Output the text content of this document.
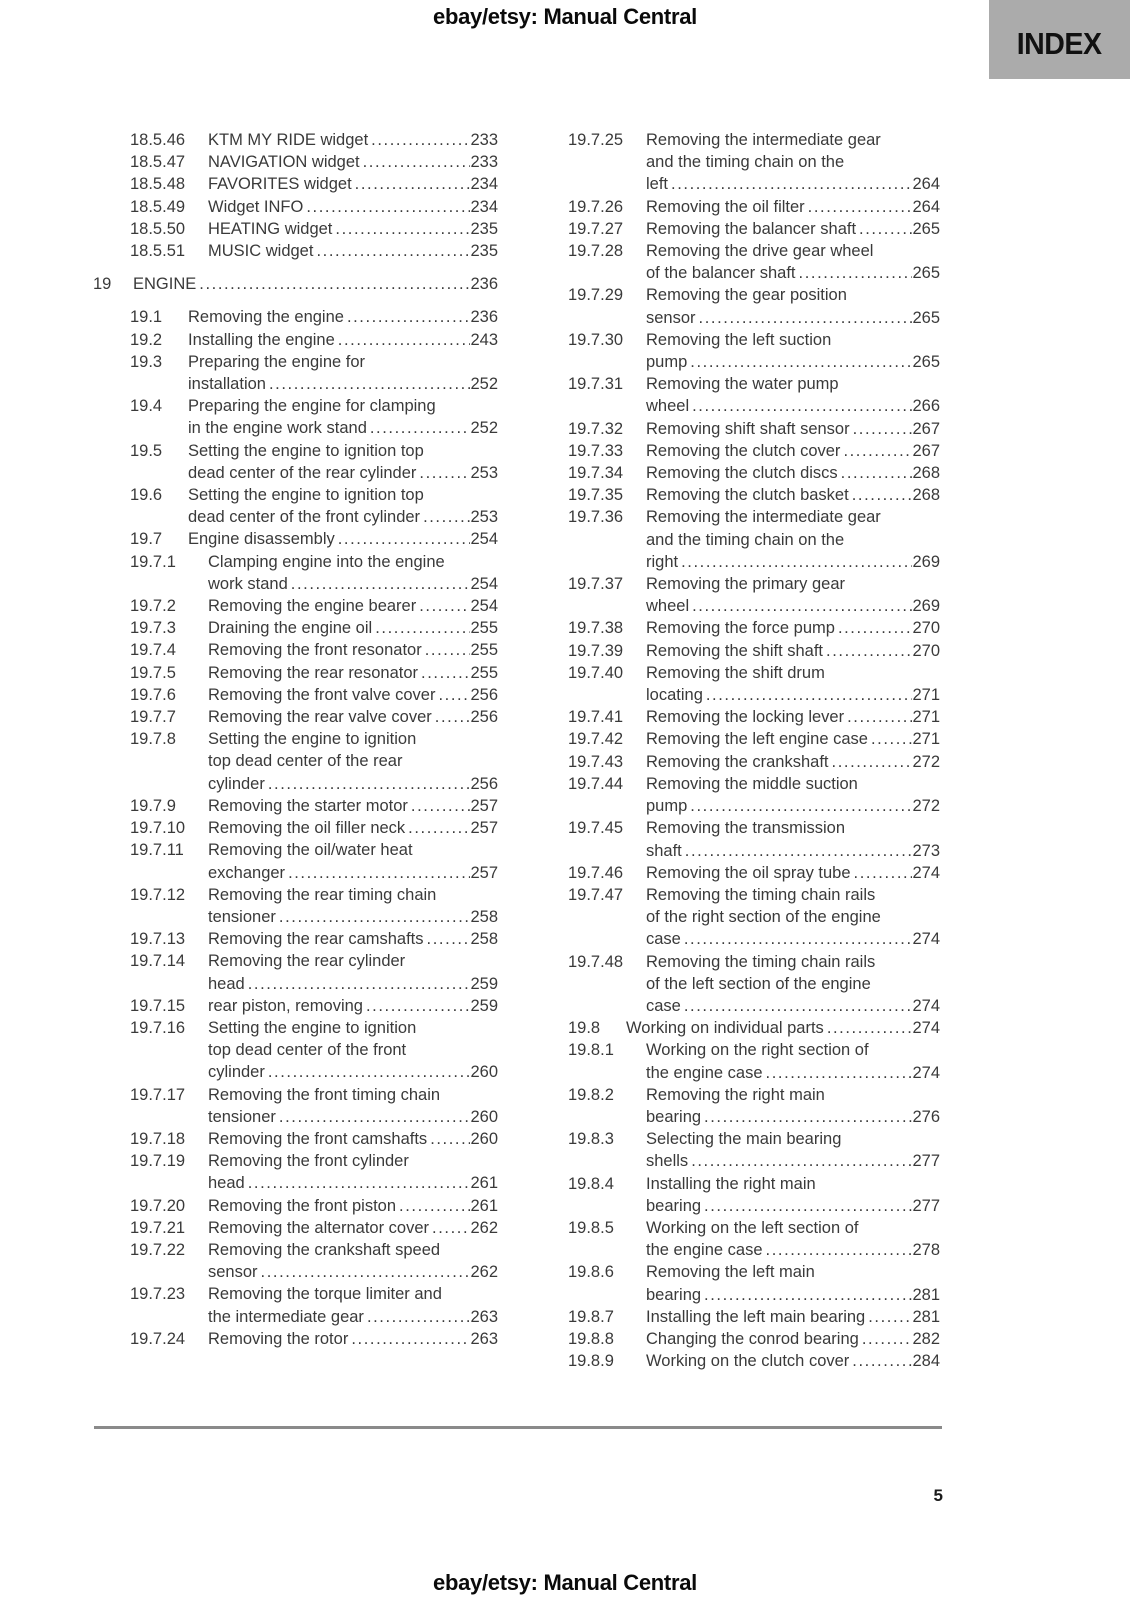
ebay/etsy: Manual Central
INDEX
18.5.46	KTM MY RIDE widget .....	233
18.5.47	NAVIGATION widget .....	233
18.5.48	FAVORITES widget .....	234
18.5.49	Widget INFO .....	234
18.5.50	HEATING widget .....	235
18.5.51	MUSIC widget .....	235
19	ENGINE .....	236
19.1	Removing the engine .....	236
19.2	Installing the engine .....	243
19.3	Preparing the engine for
installation .....	252
19.4	Preparing the engine for clamping
in the engine work stand .....	252
19.5	Setting the engine to ignition top
dead center of the rear cylinder .....	253
19.6	Setting the engine to ignition top
dead center of the front cylinder .....	253
19.7	Engine disassembly .....	254
19.7.1	Clamping engine into the engine
work stand .....	254
19.7.2	Removing the engine bearer .....	254
19.7.3	Draining the engine oil .....	255
19.7.4	Removing the front resonator .....	255
19.7.5	Removing the rear resonator .....	255
19.7.6	Removing the front valve cover ..... 256
19.7.7	Removing the rear valve cover ..... 256
19.7.8	Setting the engine to ignition
top dead center of the rear
cylinder .....	256
19.7.9	Removing the starter motor .....	257
19.7.10	Removing the oil filler neck .....	257
19.7.11	Removing the oil/water heat
exchanger .....	257
19.7.12	Removing the rear timing chain
tensioner .....	258
19.7.13	Removing the rear camshafts .....	258
19.7.14	Removing the rear cylinder
head .....	259
19.7.15	rear piston, removing .....	259
19.7.16	Setting the engine to ignition
top dead center of the front
cylinder .....	260
19.7.17	Removing the front timing chain
tensioner .....	260
19.7.18	Removing the front camshafts .....	260
19.7.19	Removing the front cylinder
head .....	261
19.7.20	Removing the front piston .....	261
19.7.21	Removing the alternator cover .....	262
19.7.22	Removing the crankshaft speed
sensor .....	262
19.7.23	Removing the torque limiter and
the intermediate gear .....	263
19.7.24	Removing the rotor .....	263
19.7.25	Removing the intermediate gear
and the timing chain on the
left .....	264
19.7.26	Removing the oil filter .....	264
19.7.27	Removing the balancer shaft .....	265
19.7.28	Removing the drive gear wheel
of the balancer shaft .....	265
19.7.29	Removing the gear position
sensor .....	265
19.7.30	Removing the left suction
pump .....	265
19.7.31	Removing the water pump
wheel .....	266
19.7.32	Removing shift shaft sensor .....	267
19.7.33	Removing the clutch cover .....	267
19.7.34	Removing the clutch discs .....	268
19.7.35	Removing the clutch basket .....	268
19.7.36	Removing the intermediate gear
and the timing chain on the
right .....	269
19.7.37	Removing the primary gear
wheel .....	269
19.7.38	Removing the force pump .....	270
19.7.39	Removing the shift shaft .....	270
19.7.40	Removing the shift drum
locating .....	271
19.7.41	Removing the locking lever .....	271
19.7.42	Removing the left engine case .....	271
19.7.43	Removing the crankshaft .....	272
19.7.44	Removing the middle suction
pump .....	272
19.7.45	Removing the transmission
shaft .....	273
19.7.46	Removing the oil spray tube .....	274
19.7.47	Removing the timing chain rails
of the right section of the engine
case .....	274
19.7.48	Removing the timing chain rails
of the left section of the engine
case .....	274
19.8	Working on individual parts .....	274
19.8.1	Working on the right section of
the engine case .....	274
19.8.2	Removing the right main
bearing .....	276
19.8.3	Selecting the main bearing
shells .....	277
19.8.4	Installing the right main
bearing .....	277
19.8.5	Working on the left section of
the engine case .....	278
19.8.6	Removing the left main
bearing .....	281
19.8.7	Installing the left main bearing .....	281
19.8.8	Changing the conrod bearing .....	282
19.8.9	Working on the clutch cover .....	284
5
ebay/etsy: Manual Central
